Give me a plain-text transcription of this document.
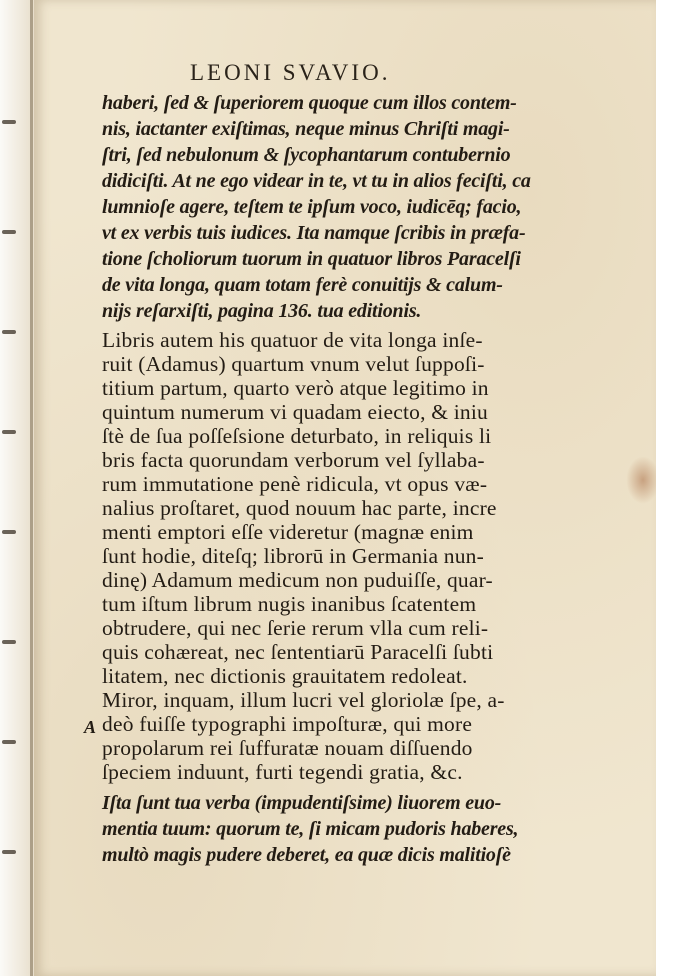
LEONI SVAVIO.
haberi, ſed & ſuperiorem quoque cum illos contem-
nis, iactanter exiſtimas, neque minus Chriſti magi-
ſtri, ſed nebulonum & ſycophantarum contubernio
didiciſti. At ne ego videar in te, vt tu in alios feciſti, ca
lumnioſe agere, teſtem te ipſum voco, iudicēq; facio,
vt ex verbis tuis iudices. Ita namque ſcribis in præfa-
tione ſcholiorum tuorum in quatuor libros Paracelſi
de vita longa, quam totam ferè conuitijs & calum-
nijs reſarxiſti, pagina 136. tua editionis.
Libris autem his quatuor de vita longa inſe-
ruit (Adamus) quartum vnum velut ſuppoſi-
titium partum, quarto verò atque legitimo in
quintum numerum vi quadam eiecto, & iniu
ſtè de ſua poſſeſsione deturbato, in reliquis li
bris facta quorundam verborum vel ſyllaba-
rum immutatione penè ridicula, vt opus væ-
nalius proſtaret, quod nouum hac parte, incre
menti emptori eſſe videretur (magnæ enim
ſunt hodie, diteſq; librorū in Germania nun-
dinę) Adamum medicum non puduiſſe, quar-
tum iſtum librum nugis inanibus ſcatentem
obtrudere, qui nec ſerie rerum vlla cum reli-
quis cohæreat, nec ſententiarū Paracelſi ſubti
litatem, nec dictionis grauitatem redoleat.
Miror, inquam, illum lucri vel gloriolæ ſpe, a-
deò fuiſſe typographi impoſturæ, qui more
propolarum rei ſuffuratæ nouam diſſuendo
ſpeciem induunt, furti tegendi gratia, &c.
A
Iſta ſunt tua verba (impudentiſsime) liuorem euo-
mentia tuum: quorum te, ſi micam pudoris haberes,
multò magis pudere deberet, ea quæ dicis malitioſè
